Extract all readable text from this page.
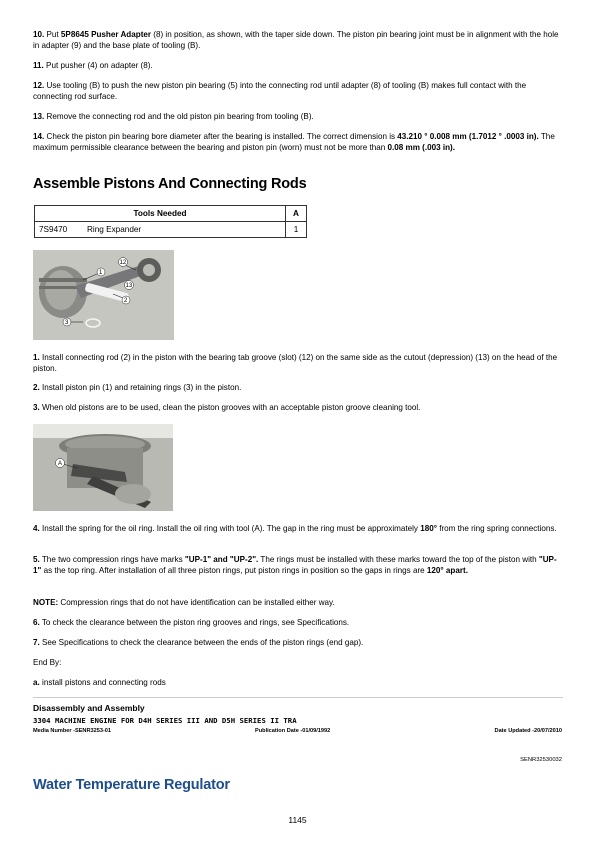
10. Put 5P8645 Pusher Adapter (8) in position, as shown, with the taper side down. The piston pin bearing joint must be in alignment with the hole in adapter (9) and the base plate of tooling (B).

11. Put pusher (4) on adapter (8).

12. Use tooling (B) to push the new piston pin bearing (5) into the connecting rod until adapter (8) of tooling (B) makes full contact with the connecting rod surface.

13. Remove the connecting rod and the old piston pin bearing from tooling (B).

14. Check the piston pin bearing bore diameter after the bearing is installed. The correct dimension is 43.210 ° 0.008 mm (1.7012 ° .0003 in). The maximum permissible clearance between the bearing and piston pin (worn) must not be more than 0.08 mm (.003 in).

Assemble Pistons And Connecting Rods
Tools Needed		A
7S9470	Ring Expander	1
1
12
13
2
3

1. Install connecting rod (2) in the piston with the bearing tab groove (slot) (12) on the same side as the cutout (depression) (13) on the head of the piston.

2. Install piston pin (1) and retaining rings (3) in the piston.

3. When old pistons are to be used, clean the piston grooves with an acceptable piston groove cleaning tool.

A

4. Install the spring for the oil ring. Install the oil ring with tool (A). The gap in the ring must be approximately 180° from the ring spring connections.

5. The two compression rings have marks "UP-1" and "UP-2". The rings must be installed with these marks toward the top of the piston with "UP-1" as the top ring. After installation of all three piston rings, put piston rings in position so the gaps in rings are 120° apart.

NOTE: Compression rings that do not have identification can be installed either way.

6. To check the clearance between the piston ring grooves and rings, see Specifications.

7. See Specifications to check the clearance between the ends of the piston rings (end gap).

End By:

a. install pistons and connecting rods

Disassembly and Assembly
3304 MACHINE ENGINE FOR D4H SERIES III AND D5H SERIES II TRA
Media Number -SENR3253-01	Publication Date -01/09/1992	Date Updated -20/07/2010
SENR32530032
Water Temperature Regulator
1145
